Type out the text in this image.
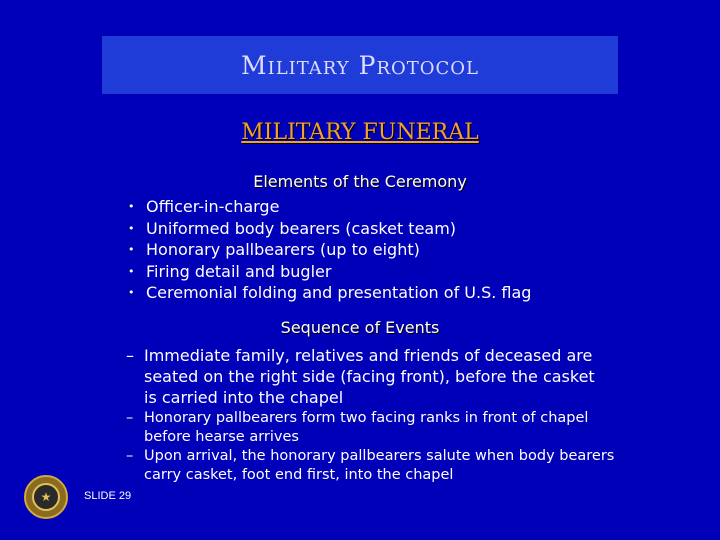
Military Protocol
MILITARY FUNERAL
Elements of the Ceremony
• Officer-in-charge
• Uniformed body bearers (casket team)
• Honorary pallbearers (up to eight)
• Firing detail and bugler
• Ceremonial folding and presentation of U.S. flag
Sequence of Events
– Immediate family, relatives and friends of deceased are seated on the right side (facing front), before the casket is carried into the chapel
– Honorary pallbearers form two facing ranks in front of chapel before hearse arrives
– Upon arrival, the honorary pallbearers salute when body bearers carry casket, foot end first, into the chapel
★	SLIDE 29
